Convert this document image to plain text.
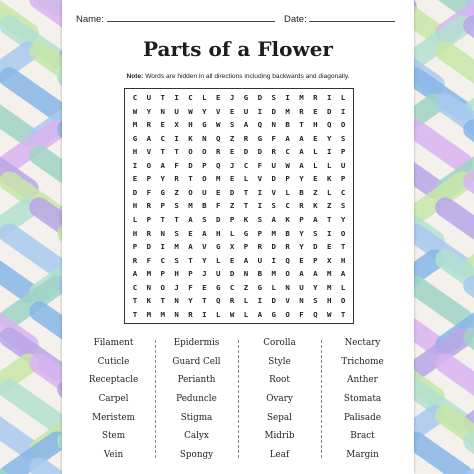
Name:	Date:
Parts of a Flower
Note: Words are hidden in all directions including backwards and diagonally.
C	U	T	I	C	L	E	J	G	D	S	I	M	R	I	L
W	Y	N	U	W	Y	V	E	U	I	D	M	R	E	D	I
M	R	E	X	H	G	W	S	A	Q	N	B	T	H	Q	O
G	A	C	I	K	N	Q	Z	R	G	F	A	A	E	Y	S
H	V	T	T	O	O	R	E	D	D	R	C	A	L	I	P
I	O	A	F	D	P	Q	J	C	F	U	W	A	L	L	U
E	P	Y	R	T	O	M	E	L	V	D	P	Y	E	K	P
D	F	G	Z	O	U	E	D	T	I	V	L	B	Z	L	C
H	R	P	S	M	B	F	Z	T	I	S	C	R	K	Z	S
L	P	T	T	A	S	D	P	K	S	A	K	P	A	T	Y
H	R	N	S	E	A	H	L	G	P	M	B	Y	S	I	O
P	D	I	M	A	V	G	X	P	R	D	R	Y	D	E	T
R	F	C	S	T	Y	L	E	A	U	I	Q	E	P	X	H
A	M	P	H	P	J	U	D	N	B	M	O	A	A	M	A
C	N	O	J	F	E	G	C	Z	G	L	N	U	Y	M	L
T	K	T	N	Y	T	Q	R	L	I	D	V	N	S	H	O
T	M	M	N	R	I	L	W	L	A	G	O	F	Q	W	T
Filament
Cuticle
Receptacle
Carpel
Meristem
Stem
Vein
Epidermis
Guard Cell
Perianth
Peduncle
Stigma
Calyx
Spongy
Corolla
Style
Root
Ovary
Sepal
Midrib
Leaf
Nectary
Trichome
Anther
Stomata
Palisade
Bract
Margin
